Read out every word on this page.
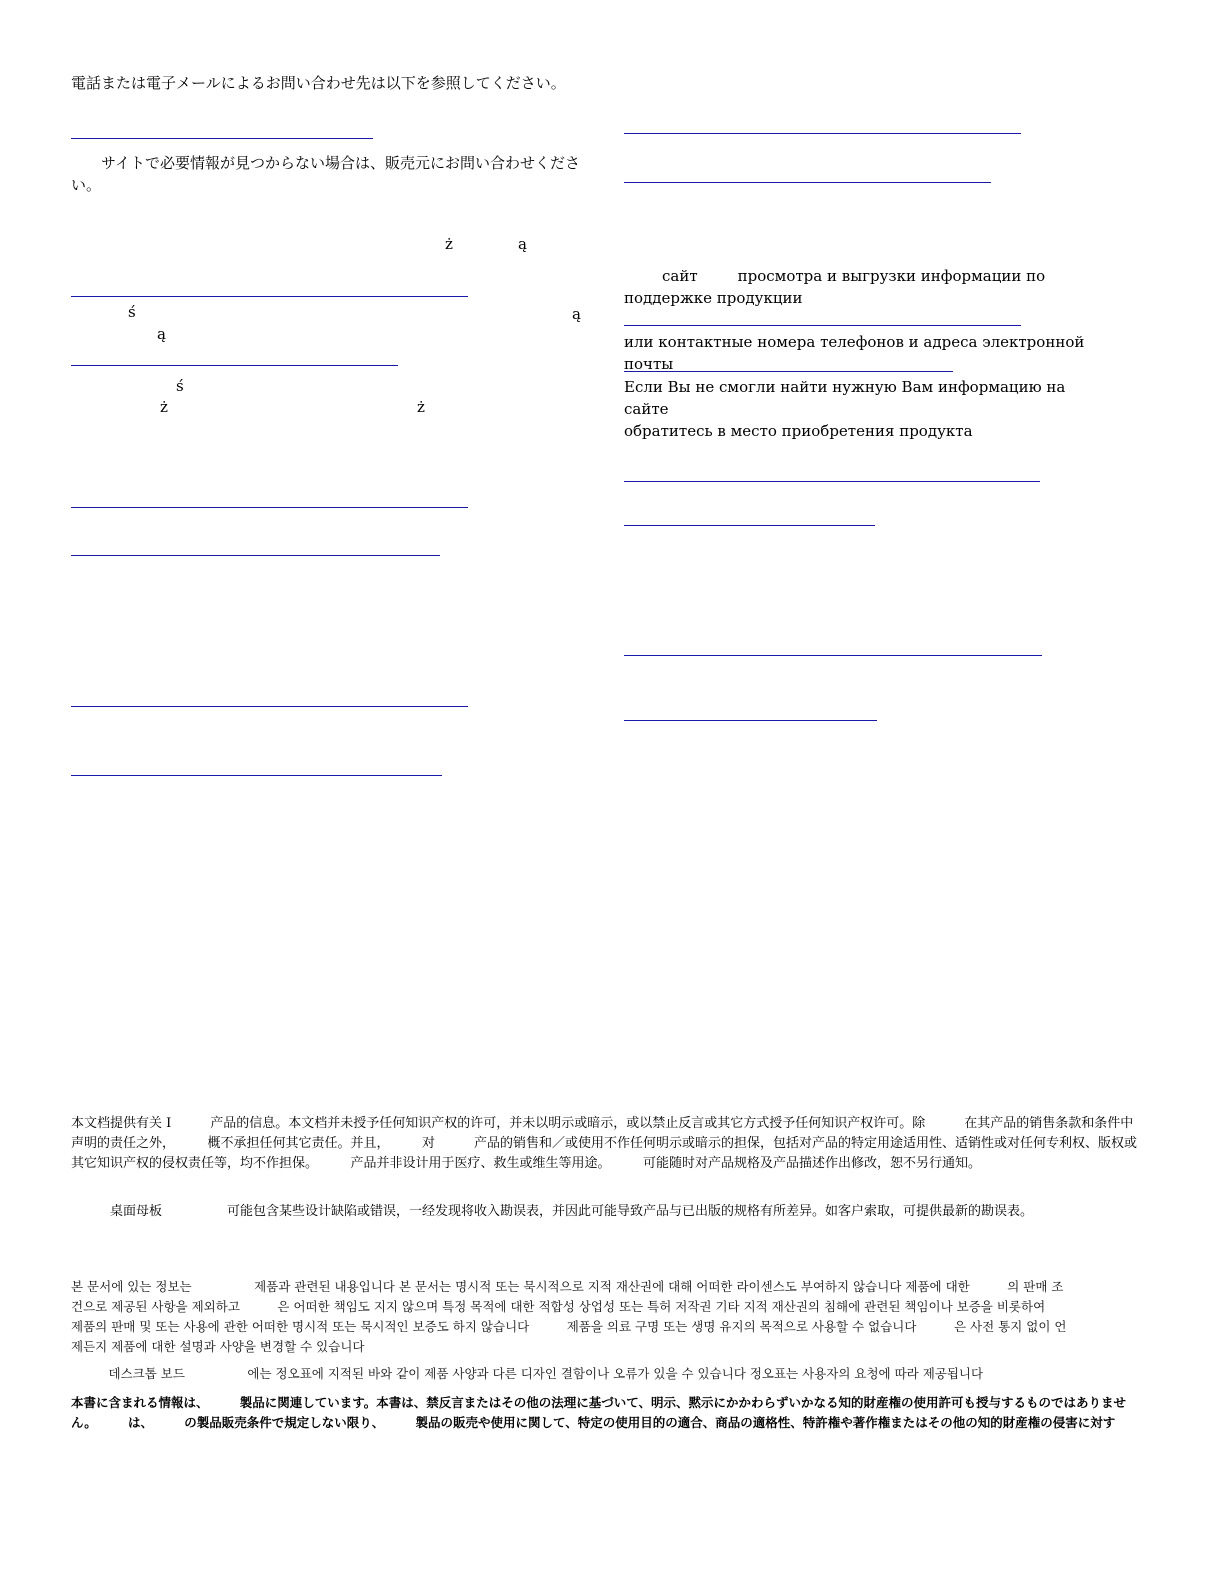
電話または電子メールによるお問い合わせ先は以下を参照してください。
　　サイトで必要情報が見つからない場合は、販売元にお問い合わせください。
ż	ą
ś	ą
ą
ś
ż	ż
сайт	просмотра и выгрузки информации по поддержке продукции
или контактные номера телефонов и адреса электронной почты
Если Вы не смогли найти нужную Вам информацию насайте
обратитесь в место приобретения продукта
本文档提供有关 I　　　产品的信息。本文档并未授予任何知识产权的许可，并未以明示或暗示，或以禁止反言或其它方式授予任何知识产权许可。除　　　在其产品的销售条款和条件中声明的责任之外，　　　概不承担任何其它责任。并且，　　　对　　　产品的销售和／或使用不作任何明示或暗示的担保，包括对产品的特定用途适用性、适销性或对任何专利权、版权或其它知识产权的侵权责任等，均不作担保。　　　产品并非设计用于医疗、救生或维生等用途。　　　可能随时对产品规格及产品描述作出修改，恕不另行通知。
　　　桌面母板　　　　　可能包含某些设计缺陷或错误，一经发现将收入勘误表，并因此可能导致产品与已出版的规格有所差异。如客户索取，可提供最新的勘误表。
본 문서에 있는 정보는　　　　　제품과 관련된 내용입니다 본 문서는 명시적 또는 묵시적으로 지적 재산권에 대해 어떠한 라이센스도 부여하지 않습니다 제품에 대한　　　의 판매 조건으로 제공된 사항을 제외하고　　　은 어떠한 책임도 지지 않으며 특정 목적에 대한 적합성 상업성 또는 특허 저작권 기타 지적 재산권의 침해에 관련된 책임이나 보증을 비롯하여　　　제품의 판매 및 또는 사용에 관한 어떠한 명시적 또는 묵시적인 보증도 하지 않습니다　　　제품을 의료 구명 또는 생명 유지의 목적으로 사용할 수 없습니다　　　은 사전 통지 없이 언제든지 제품에 대한 설명과 사양을 변경할 수 있습니다
　　　데스크톱 보드　　　　　에는 정오표에 지적된 바와 같이 제품 사양과 다른 디자인 결함이나 오류가 있을 수 있습니다 정오표는 사용자의 요청에 따라 제공됩니다
本書に含まれる情報は、　　　製品に関連しています。本書は、禁反言またはその他の法理に基づいて、明示、黙示にかかわらずいかなる知的財産権の使用許可も授与するものではありません。　　　は、　　　の製品販売条件で規定しない限り、　　　製品の販売や使用に関して、特定の使用目的の適合、商品の適格性、特許権や著作権またはその他の知的財産権の侵害に対す
